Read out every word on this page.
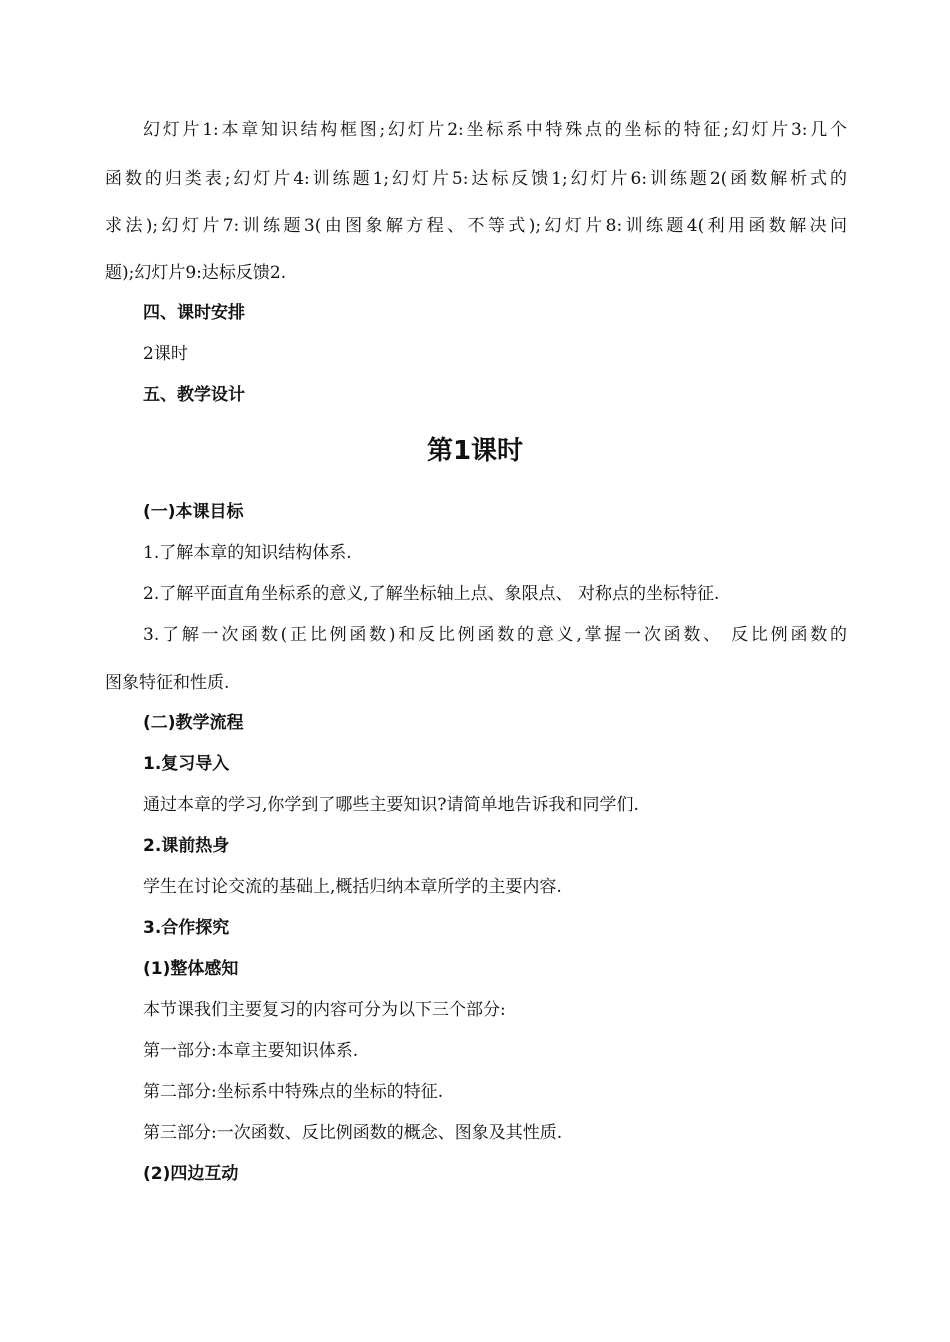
幻灯片1:本章知识结构框图;幻灯片2:坐标系中特殊点的坐标的特征;幻灯片3:几个
函数的归类表;幻灯片4:训练题1;幻灯片5:达标反馈1;幻灯片6:训练题2(函数解析式的
求法);幻灯片7:训练题3(由图象解方程、不等式);幻灯片8:训练题4(利用函数解决问
题);幻灯片9:达标反馈2.
四、课时安排
2课时
五、教学设计
第1课时
(一)本课目标
1.了解本章的知识结构体系.
2.了解平面直角坐标系的意义,了解坐标轴上点、象限点、 对称点的坐标特征.
3.了解一次函数(正比例函数)和反比例函数的意义,掌握一次函数、 反比例函数的
图象特征和性质.
(二)教学流程
1.复习导入
通过本章的学习,你学到了哪些主要知识?请简单地告诉我和同学们.
2.课前热身
学生在讨论交流的基础上,概括归纳本章所学的主要内容.
3.合作探究
(1)整体感知
本节课我们主要复习的内容可分为以下三个部分:
第一部分:本章主要知识体系.
第二部分:坐标系中特殊点的坐标的特征.
第三部分:一次函数、反比例函数的概念、图象及其性质.
(2)四边互动
